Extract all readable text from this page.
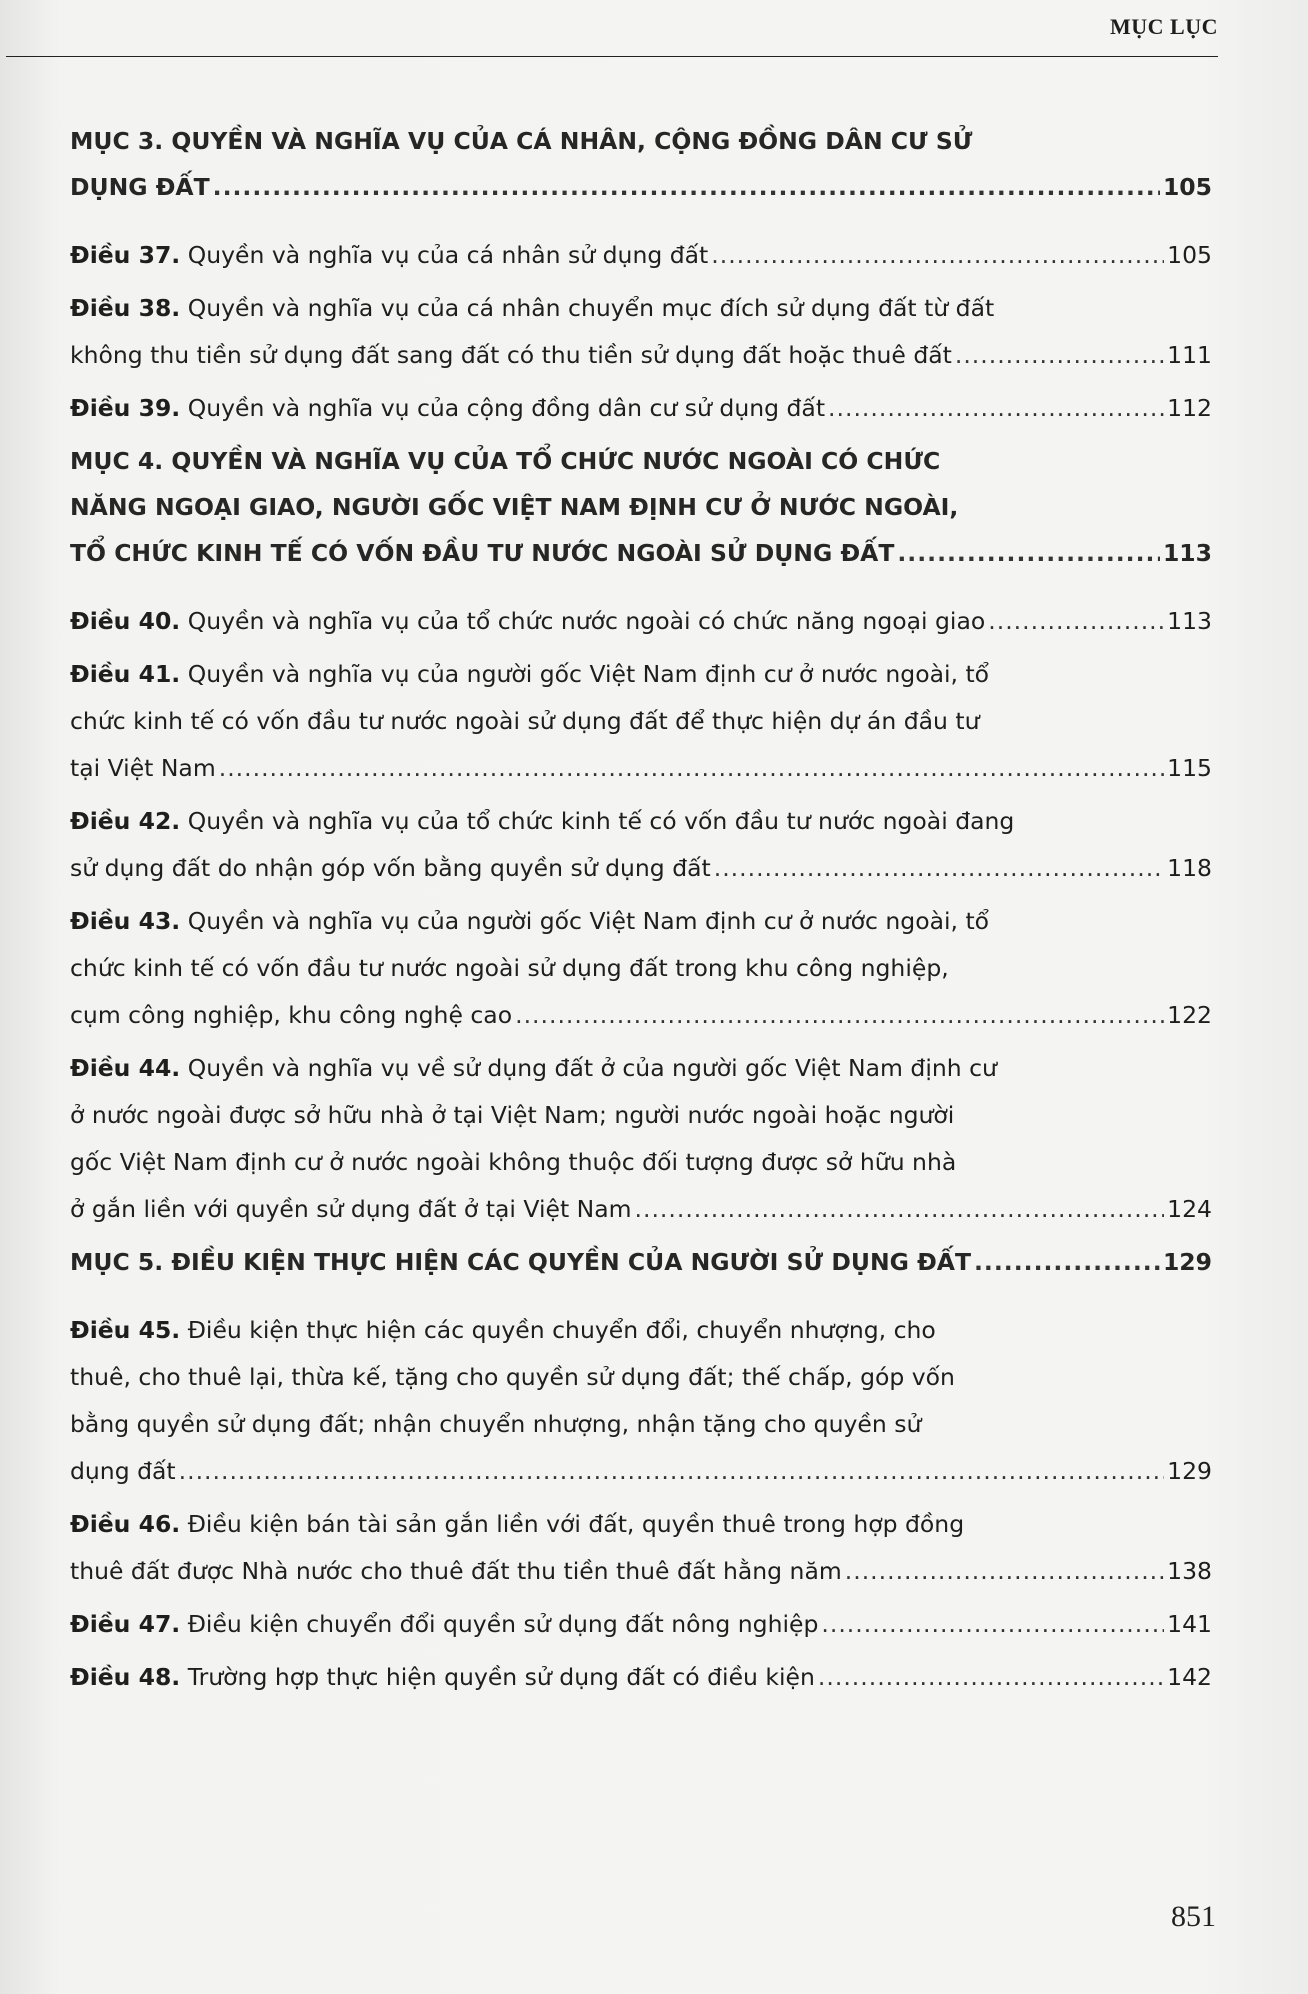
MỤC LỤC
MỤC 3. QUYỀN VÀ NGHĨA VỤ CỦA CÁ NHÂN, CỘNG ĐỒNG DÂN CƯ SỬ
DỤNG ĐẤT .....	105
Điều 37. Quyền và nghĩa vụ của cá nhân sử dụng đất .....	105
Điều 38. Quyền và nghĩa vụ của cá nhân chuyển mục đích sử dụng đất từ đất
không thu tiền sử dụng đất sang đất có thu tiền sử dụng đất hoặc thuê đất .....	111
Điều 39. Quyền và nghĩa vụ của cộng đồng dân cư sử dụng đất .....	112
MỤC 4. QUYỀN VÀ NGHĨA VỤ CỦA TỔ CHỨC NƯỚC NGOÀI CÓ CHỨC
NĂNG NGOẠI GIAO, NGƯỜI GỐC VIỆT NAM ĐỊNH CƯ Ở NƯỚC NGOÀI,
TỔ CHỨC KINH TẾ CÓ VỐN ĐẦU TƯ NƯỚC NGOÀI SỬ DỤNG ĐẤT .....	113
Điều 40. Quyền và nghĩa vụ của tổ chức nước ngoài có chức năng ngoại giao .....	113
Điều 41. Quyền và nghĩa vụ của người gốc Việt Nam định cư ở nước ngoài, tổ
chức kinh tế có vốn đầu tư nước ngoài sử dụng đất để thực hiện dự án đầu tư
tại Việt Nam .....	115
Điều 42. Quyền và nghĩa vụ của tổ chức kinh tế có vốn đầu tư nước ngoài đang
sử dụng đất do nhận góp vốn bằng quyền sử dụng đất .....	118
Điều 43. Quyền và nghĩa vụ của người gốc Việt Nam định cư ở nước ngoài, tổ
chức kinh tế có vốn đầu tư nước ngoài sử dụng đất trong khu công nghiệp,
cụm công nghiệp, khu công nghệ cao .....	122
Điều 44. Quyền và nghĩa vụ về sử dụng đất ở của người gốc Việt Nam định cư
ở nước ngoài được sở hữu nhà ở tại Việt Nam; người nước ngoài hoặc người
gốc Việt Nam định cư ở nước ngoài không thuộc đối tượng được sở hữu nhà
ở gắn liền với quyền sử dụng đất ở tại Việt Nam .....	124
MỤC 5. ĐIỀU KIỆN THỰC HIỆN CÁC QUYỀN CỦA NGƯỜI SỬ DỤNG ĐẤT .....	129
Điều 45. Điều kiện thực hiện các quyền chuyển đổi, chuyển nhượng, cho
thuê, cho thuê lại, thừa kế, tặng cho quyền sử dụng đất; thế chấp, góp vốn
bằng quyền sử dụng đất; nhận chuyển nhượng, nhận tặng cho quyền sử
dụng đất .....	129
Điều 46. Điều kiện bán tài sản gắn liền với đất, quyền thuê trong hợp đồng
thuê đất được Nhà nước cho thuê đất thu tiền thuê đất hằng năm .....	138
Điều 47. Điều kiện chuyển đổi quyền sử dụng đất nông nghiệp .....	141
Điều 48. Trường hợp thực hiện quyền sử dụng đất có điều kiện .....	142
851
